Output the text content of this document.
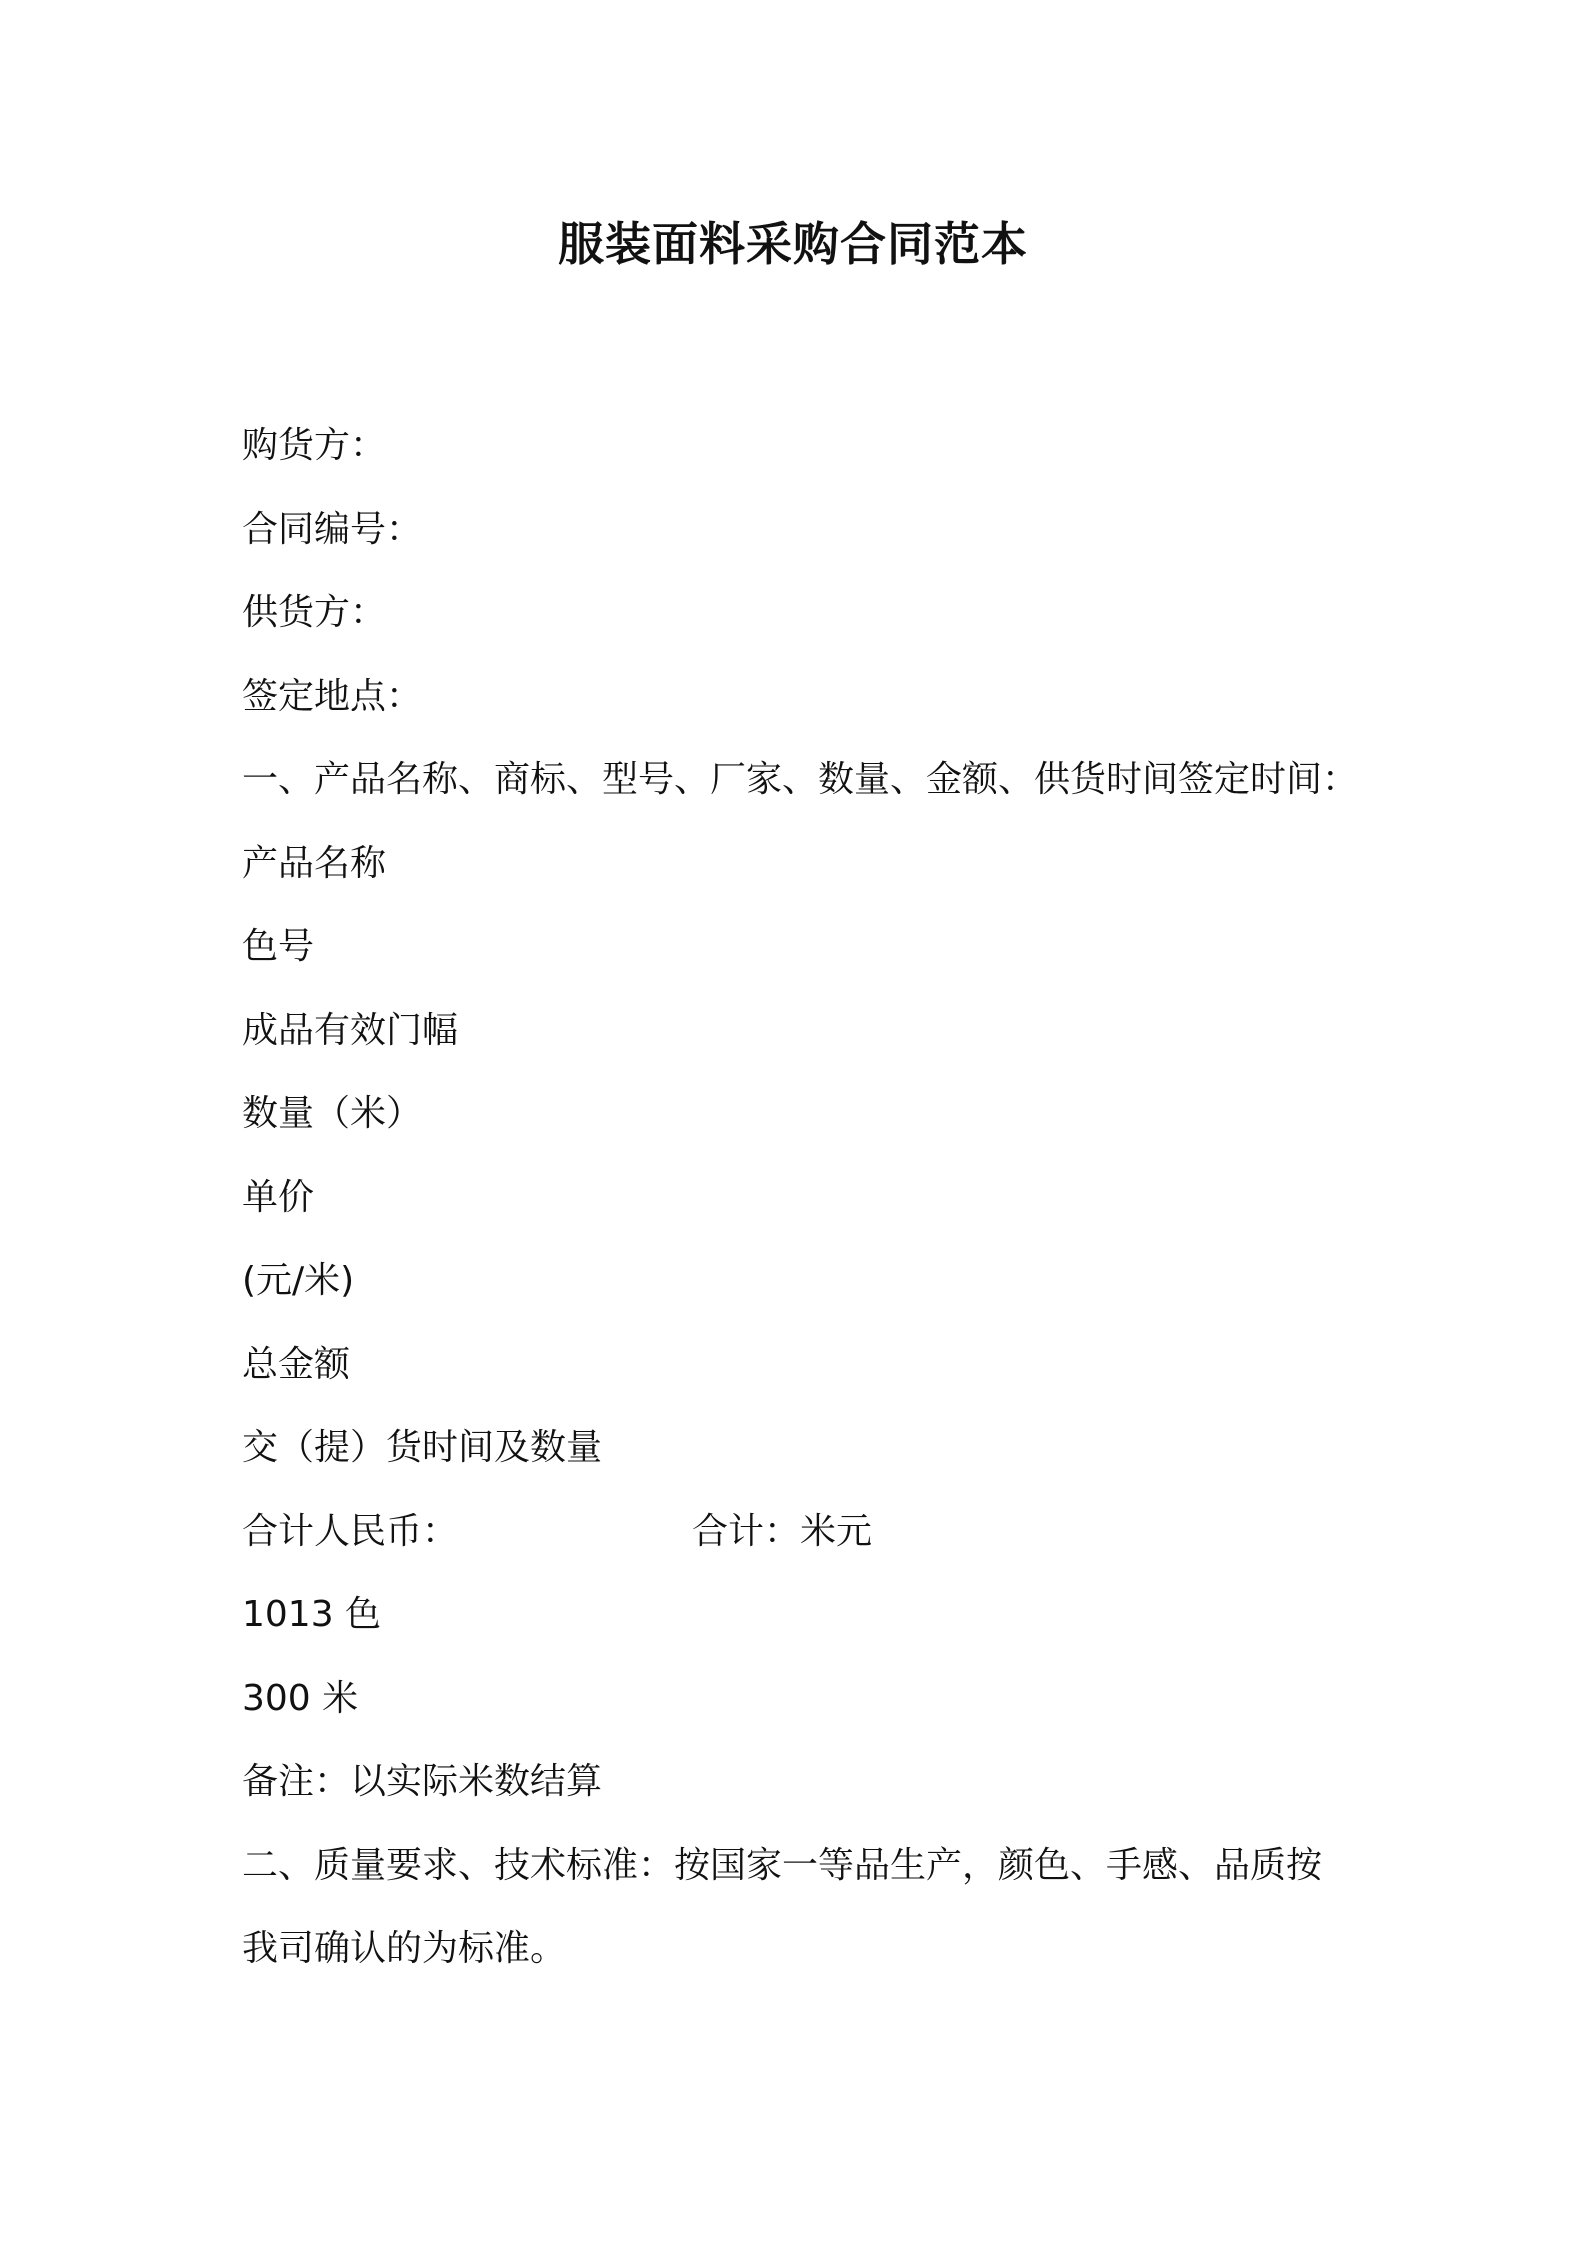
服装面料采购合同范本
购货方：
合同编号：
供货方：
签定地点：
一、产品名称、商标、型号、厂家、数量、金额、供货时间签定时间：
产品名称
色号
成品有效门幅
数量（米）
单价
(元/米)
总金额
交（提）货时间及数量
合计人民币：	合计：米元
1013 色
300 米
备注：以实际米数结算
二、质量要求、技术标准：按国家一等品生产，颜色、手感、品质按
我司确认的为标准。
